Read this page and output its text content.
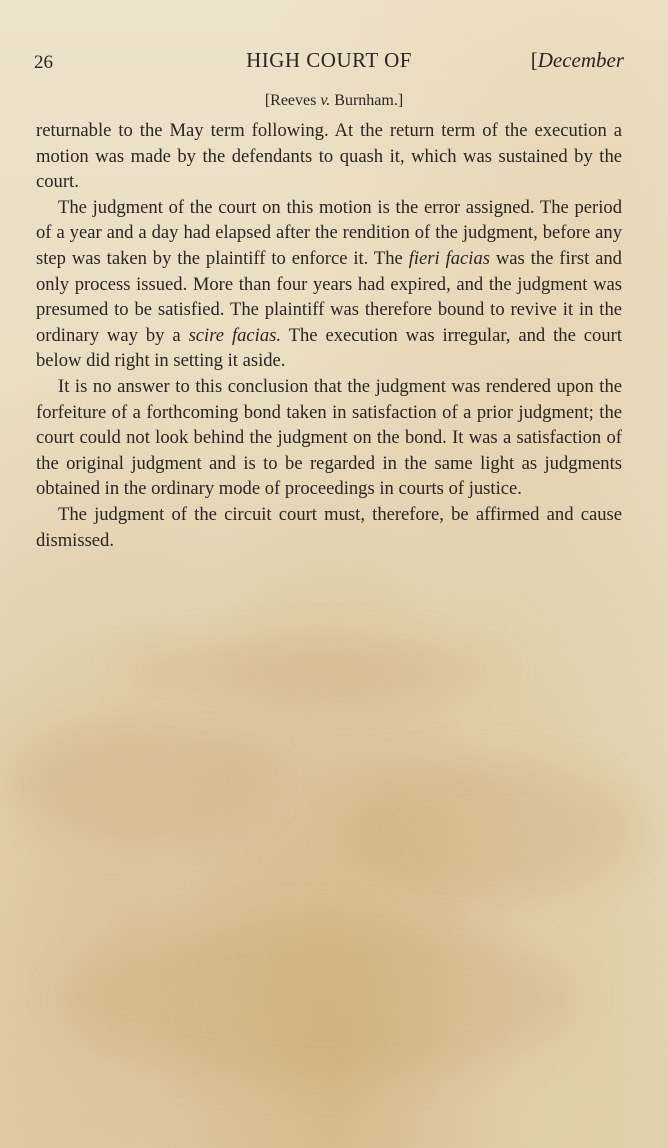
26	HIGH COURT OF	[December
[Reeves v. Burnham.]

returnable to the May term following. At the return term of the execution a motion was made by the defendants to quash it, which was sustained by the court.

The judgment of the court on this motion is the error assigned. The period of a year and a day had elapsed after the rendition of the judgment, before any step was taken by the plaintiff to enforce it. The fieri facias was the first and only process issued. More than four years had expired, and the judgment was presumed to be satisfied. The plaintiff was therefore bound to revive it in the ordinary way by a scire facias. The execution was irregular, and the court below did right in setting it aside.

It is no answer to this conclusion that the judgment was rendered upon the forfeiture of a forthcoming bond taken in satisfaction of a prior judgment; the court could not look behind the judgment on the bond. It was a satisfaction of the original judgment and is to be regarded in the same light as judgments obtained in the ordinary mode of proceedings in courts of justice.

The judgment of the circuit court must, therefore, be affirmed and cause dismissed.
